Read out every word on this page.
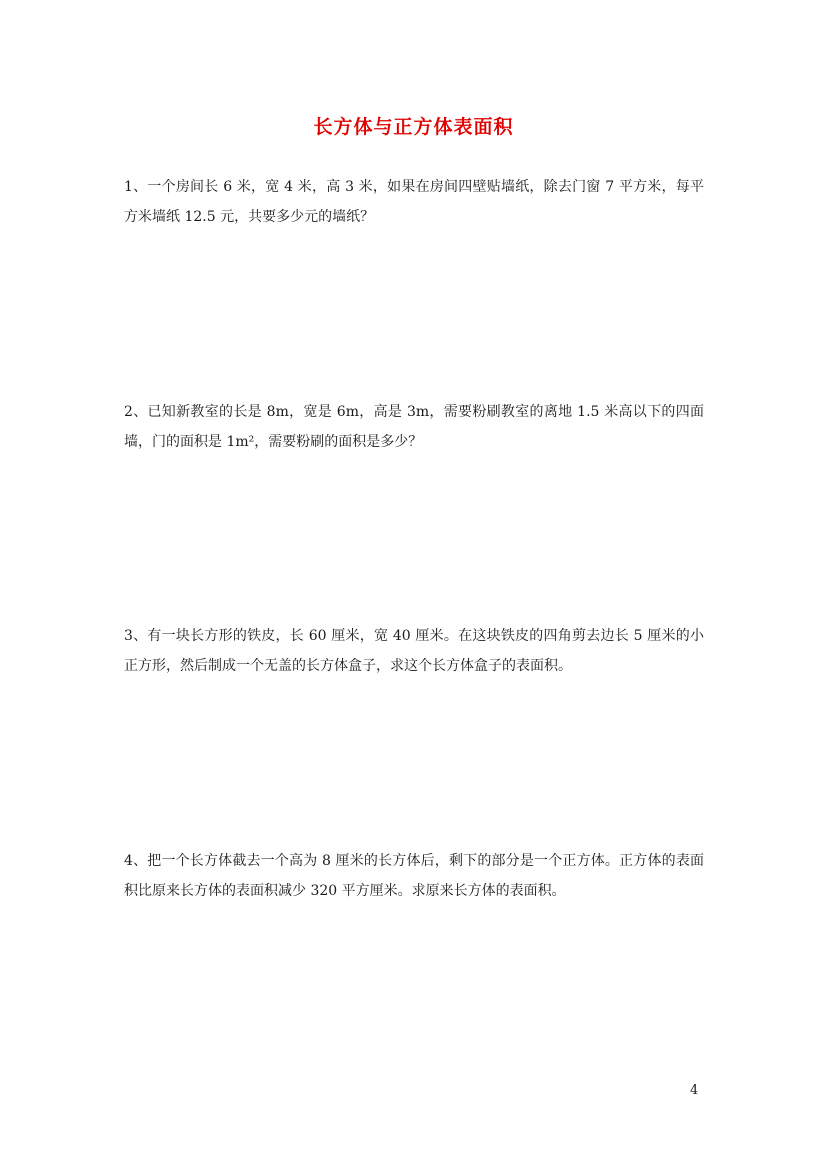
长方体与正方体表面积
1、一个房间长 6 米，宽 4 米，高 3 米，如果在房间四壁贴墙纸，除去门窗 7 平方米，每平方米墙纸 12.5 元，共要多少元的墙纸？
2、已知新教室的长是 8m，宽是 6m，高是 3m，需要粉刷教室的离地 1.5 米高以下的四面墙，门的面积是 1m²，需要粉刷的面积是多少？
3、有一块长方形的铁皮，长 60 厘米，宽 40 厘米。在这块铁皮的四角剪去边长 5 厘米的小正方形，然后制成一个无盖的长方体盒子，求这个长方体盒子的表面积。
4、把一个长方体截去一个高为 8 厘米的长方体后，剩下的部分是一个正方体。正方体的表面积比原来长方体的表面积减少 320 平方厘米。求原来长方体的表面积。
4
